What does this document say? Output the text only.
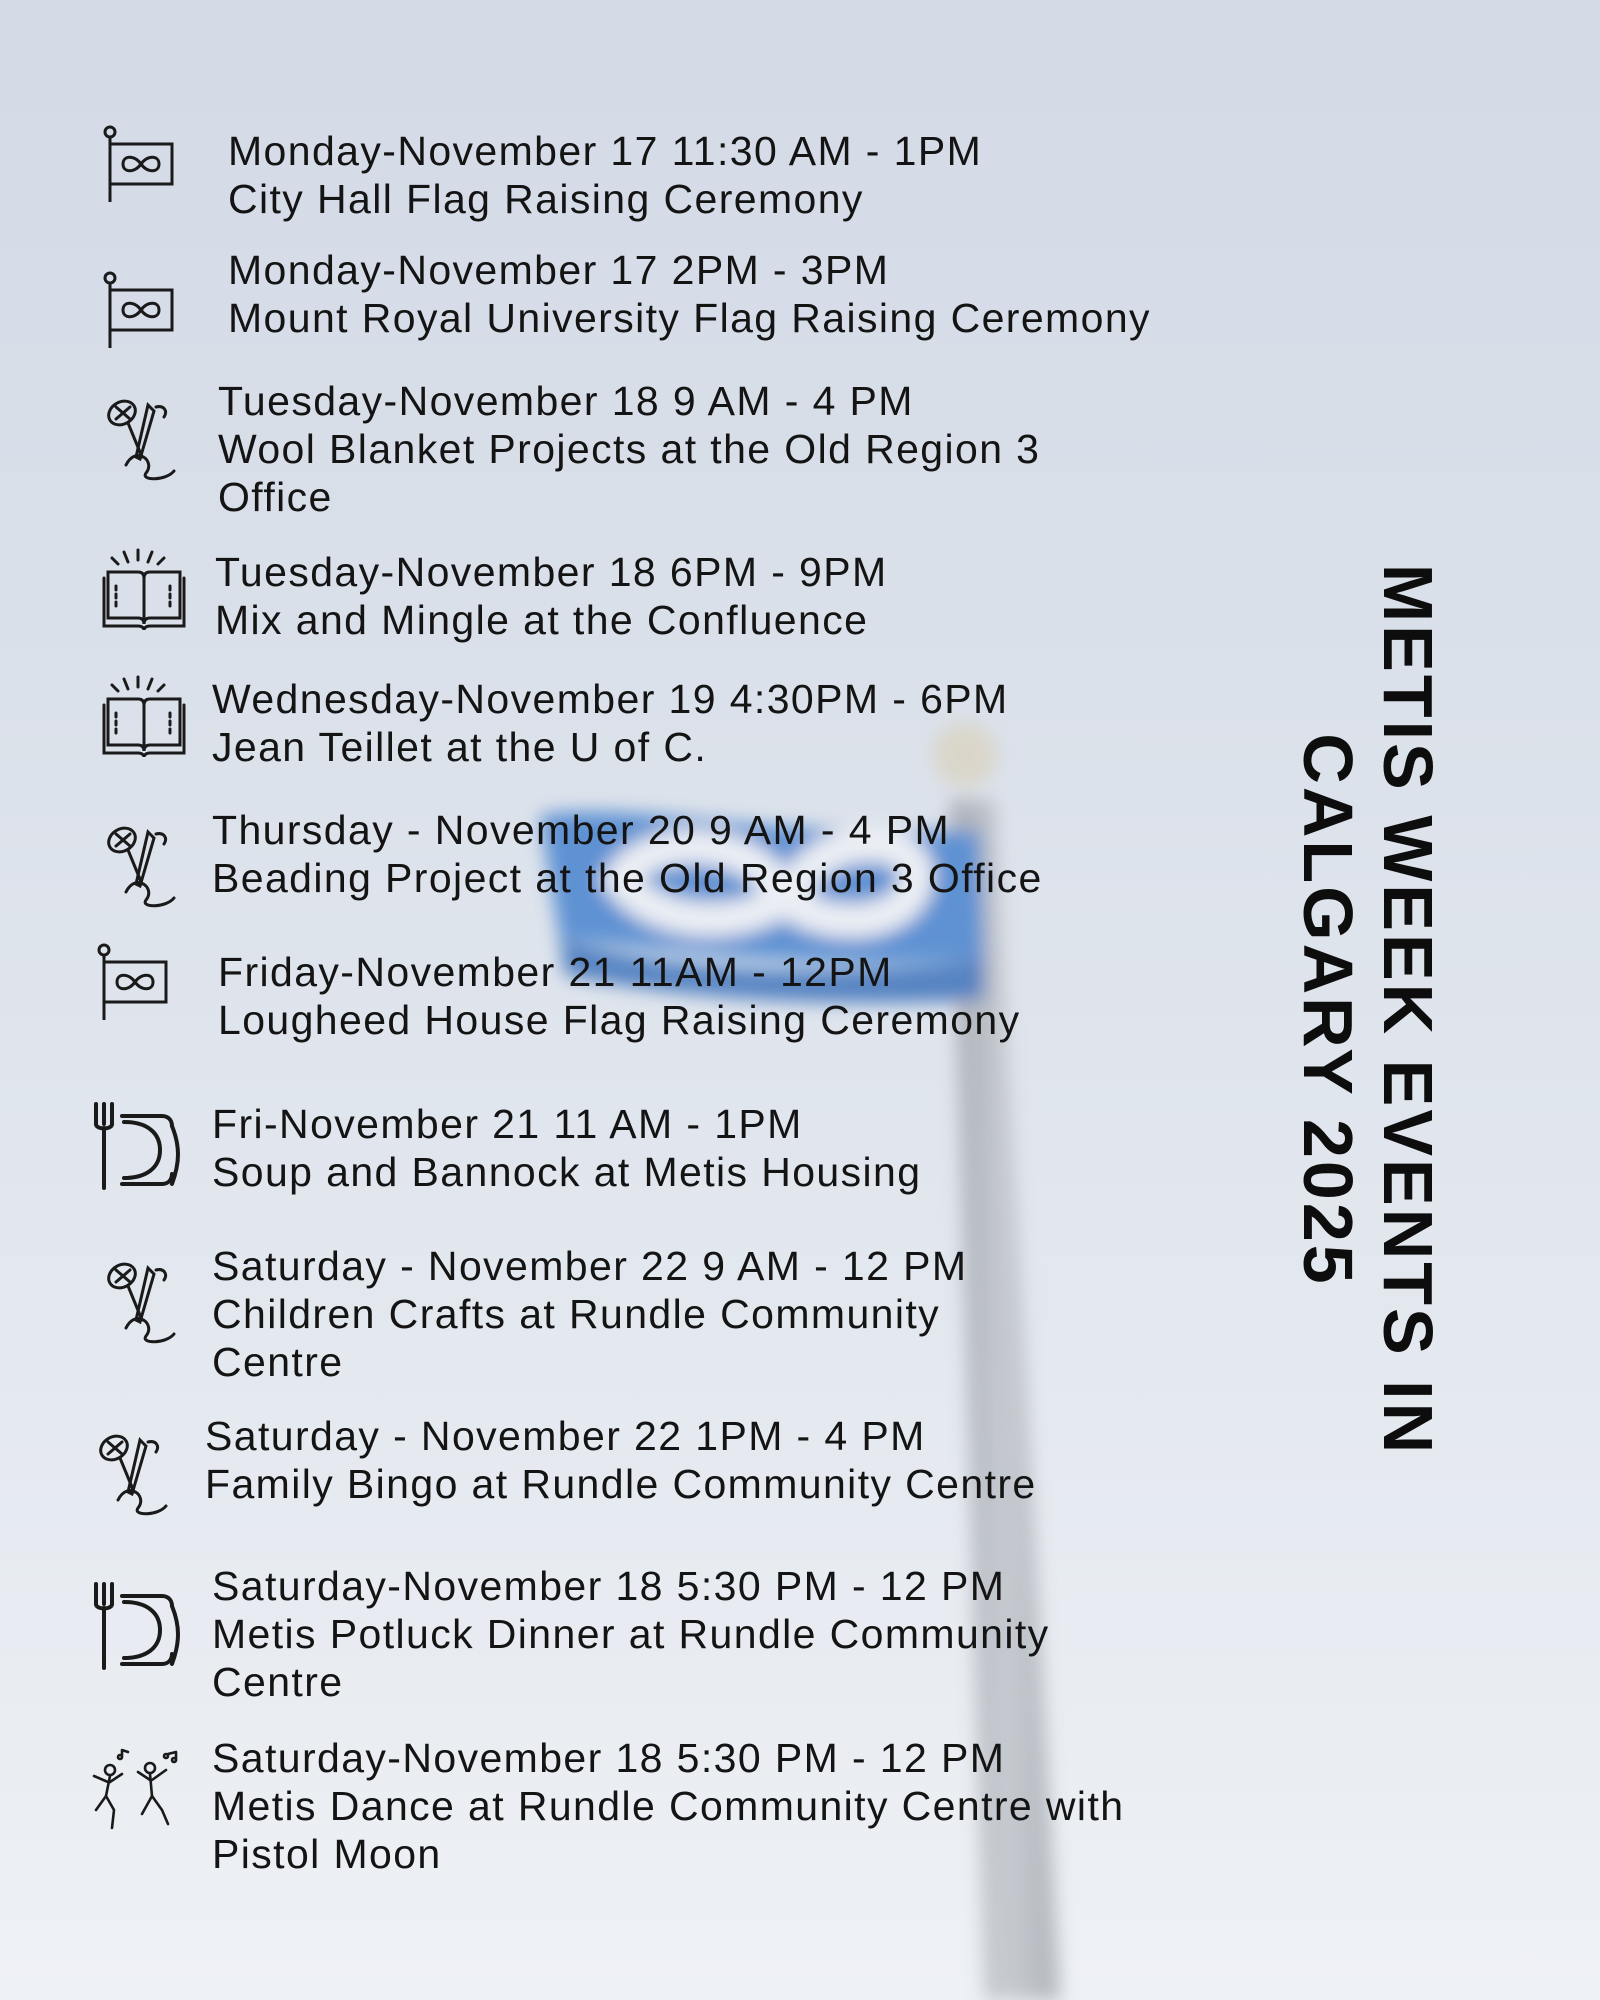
Monday-November 17 11:30 AM - 1PM
City Hall Flag Raising Ceremony
Monday-November 17 2PM - 3PM
Mount Royal University Flag Raising Ceremony
Tuesday-November 18 9 AM - 4 PM
Wool Blanket Projects at the Old Region 3
Office
Tuesday-November 18 6PM - 9PM
Mix and Mingle at the Confluence
Wednesday-November 19 4:30PM - 6PM
Jean Teillet at the U of C.
Thursday - November 20 9 AM - 4 PM
Beading Project at the Old Region 3 Office
Friday-November 21 11AM - 12PM
Lougheed House Flag Raising Ceremony
Fri-November 21 11 AM - 1PM
Soup and Bannock at Metis Housing
Saturday - November 22 9 AM - 12 PM
Children Crafts at Rundle Community
Centre
Saturday - November 22 1PM - 4 PM
Family Bingo at Rundle Community Centre
Saturday-November 18 5:30 PM - 12 PM
Metis Potluck Dinner at Rundle Community
Centre
Saturday-November 18 5:30 PM - 12 PM
Metis Dance at Rundle Community Centre with
Pistol Moon
METIS WEEK EVENTS IN
CALGARY 2025
